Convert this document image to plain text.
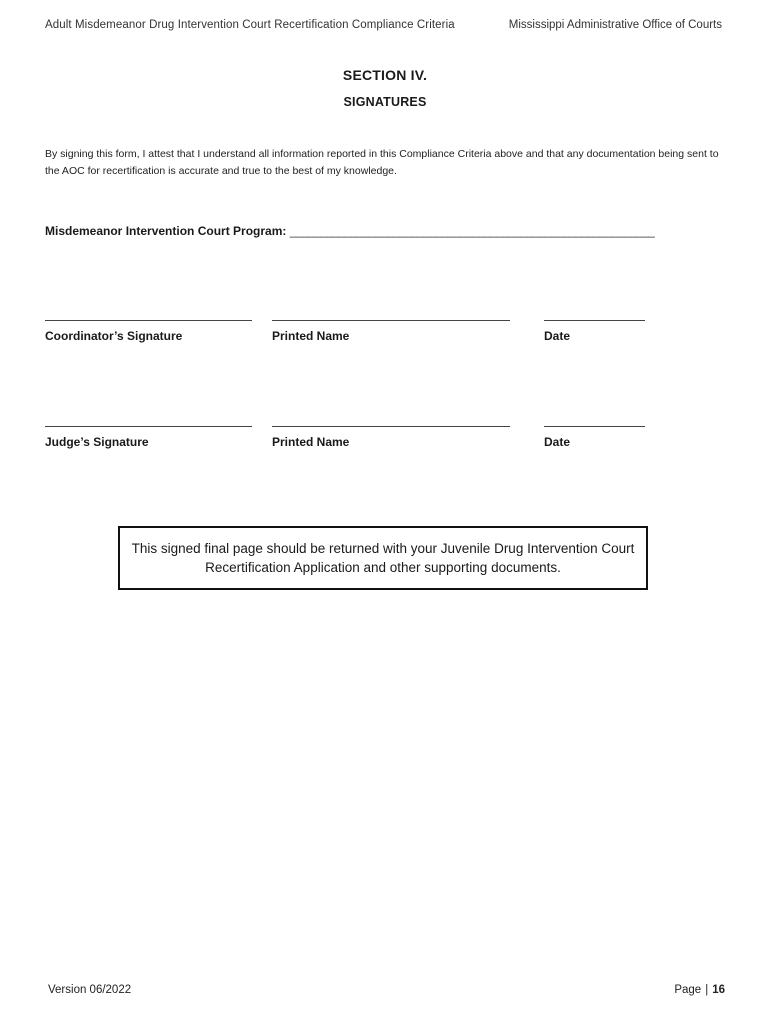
Adult Misdemeanor Drug Intervention Court Recertification Compliance Criteria	Mississippi Administrative Office of Courts
SECTION IV.
SIGNATURES
By signing this form, I attest that I understand all information reported in this Compliance Criteria above and that any documentation being sent to the AOC for recertification is accurate and true to the best of my knowledge.
Misdemeanor Intervention Court Program: ____________________________________________________________
Coordinator’s Signature	Printed Name	Date
Judge’s Signature	Printed Name	Date
This signed final page should be returned with your Juvenile Drug Intervention Court Recertification Application and other supporting documents.
Version 06/2022	Page | 16
